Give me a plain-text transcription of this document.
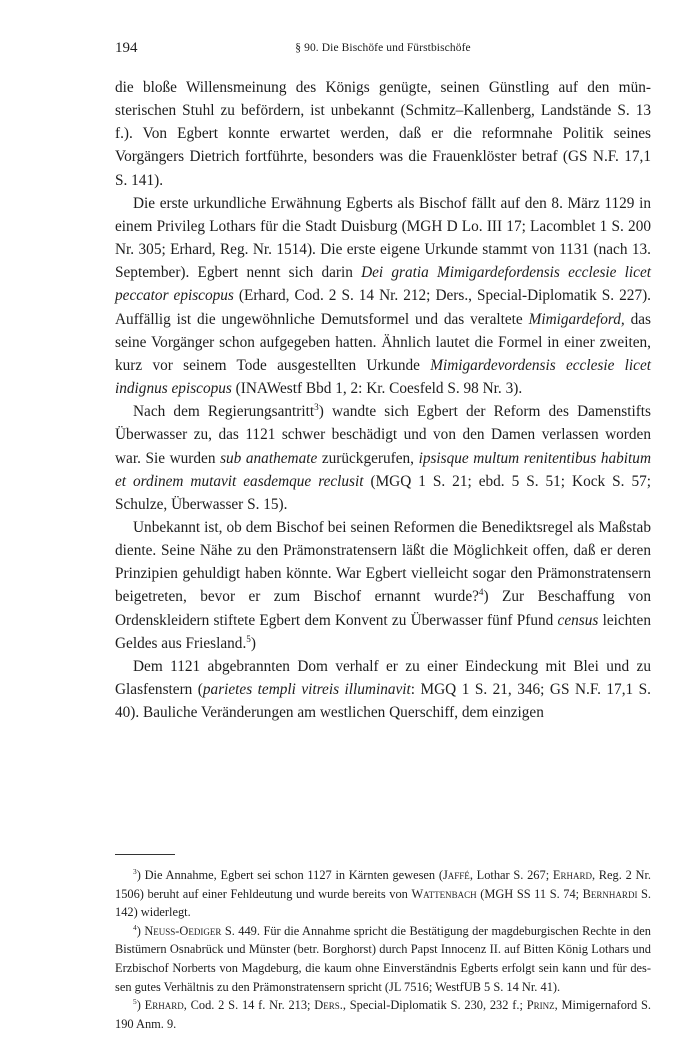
194	§ 90. Die Bischöfe und Fürstbischöfe

die bloße Willensmeinung des Königs genügte, seinen Günstling auf den münsterischen Stuhl zu befördern, ist unbekannt (Schmitz–Kallenberg, Landstände S. 13 f.). Von Egbert konnte erwartet werden, daß er die reformnahe Politik seines Vorgängers Dietrich fortführte, besonders was die Frauenklöster betraf (GS N.F. 17,1 S. 141).

Die erste urkundliche Erwähnung Egberts als Bischof fällt auf den 8. März 1129 in einem Privileg Lothars für die Stadt Duisburg (MGH D Lo. III 17; Lacomblet 1 S. 200 Nr. 305; Erhard, Reg. Nr. 1514). Die erste eigene Urkunde stammt von 1131 (nach 13. September). Egbert nennt sich darin Dei gratia Mimigardefordensis ecclesie licet peccator episcopus (Erhard, Cod. 2 S. 14 Nr. 212; Ders., Special-Diplomatik S. 227). Auffällig ist die ungewöhnliche Demutsformel und das veraltete Mimigardeford, das seine Vorgänger schon aufgegeben hatten. Ähnlich lautet die Formel in einer zweiten, kurz vor seinem Tode ausgestellten Urkunde Mimigardevordensis ecclesie licet indignus episcopus (INAWestf Bbd 1, 2: Kr. Coesfeld S. 98 Nr. 3).

Nach dem Regierungsantritt$^3$) wandte sich Egbert der Reform des Damenstifts Überwasser zu, das 1121 schwer beschädigt und von den Damen verlassen worden war. Sie wurden sub anathemate zurückgerufen, ipsisque multum renitentibus habitum et ordinem mutavit easdemque reclusit (MGQ 1 S. 21; ebd. 5 S. 51; Kock S. 57; Schulze, Überwasser S. 15).

Unbekannt ist, ob dem Bischof bei seinen Reformen die Benediktsregel als Maßstab diente. Seine Nähe zu den Prämonstratensern läßt die Möglichkeit offen, daß er deren Prinzipien gehuldigt haben könnte. War Egbert vielleicht sogar den Prämonstratensern beigetreten, bevor er zum Bischof ernannt wurde?$^4$) Zur Beschaffung von Ordenskleidern stiftete Egbert dem Konvent zu Überwasser fünf Pfund census leichten Geldes aus Friesland.$^5$)

Dem 1121 abgebrannten Dom verhalf er zu einer Eindeckung mit Blei und zu Glasfenstern (parietes templi vitreis illuminavit: MGQ 1 S. 21, 346; GS N.F. 17,1 S. 40). Bauliche Veränderungen am westlichen Querschiff, dem einzigen

$^3$) Die Annahme, Egbert sei schon 1127 in Kärnten gewesen (Jaffé, Lothar S. 267; Erhard, Reg. 2 Nr. 1506) beruht auf einer Fehldeutung und wurde bereits von Wattenbach (MGH SS 11 S. 74; Bernhardi S. 142) widerlegt.

$^4$) Neuß-Oediger S. 449. Für die Annahme spricht die Bestätigung der magdeburgischen Rechte in den Bistümern Osnabrück und Münster (betr. Borghorst) durch Papst Innocenz II. auf Bitten König Lothars und Erzbischof Norberts von Magdeburg, die kaum ohne Einverständnis Egberts erfolgt sein kann und für dessen gutes Verhältnis zu den Prämonstratensern spricht (JL 7516; WestfUB 5 S. 14 Nr. 41).

$^5$) Erhard, Cod. 2 S. 14 f. Nr. 213; Ders., Special-Diplomatik S. 230, 232 f.; Prinz, Mimigernaford S. 190 Anm. 9.
